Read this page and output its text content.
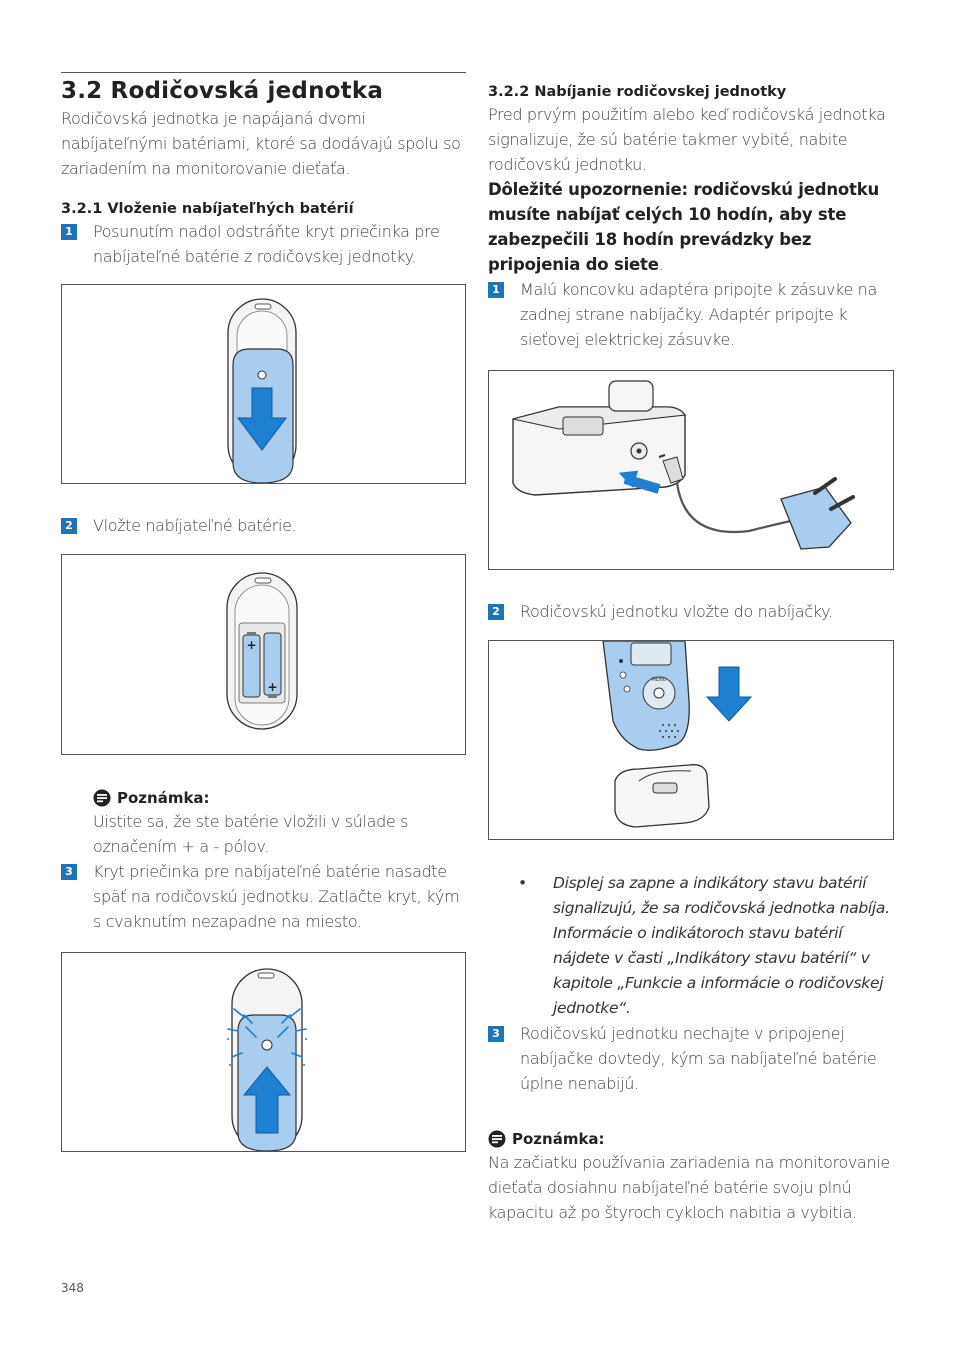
3.2 Rodičovská jednotka

Rodičovská jednotka je napájaná dvomi nabíjateľnými batériami, ktoré sa dodávajú spolu so zariadením na monitorovanie dieťaťa.

3.2.1 Vloženie nabíjateľhých batérií
1 Posunutím nadol odstráňte kryt priečinka pre nabíjateľné batérie z rodičovskej jednotky.
2 Vložte nabíjateľné batérie.
+
+
Poznámka:

Uistite sa, že ste batérie vložili v súlade s označením + a - pólov.

3 Kryt priečinka pre nabíjateľné batérie nasaďte späť na rodičovskú jednotku. Zatlačte kryt, kým s cvaknutím nezapadne na miesto.
3.2.2 Nabíjanie rodičovskej jednotky

Pred prvým použitím alebo keď rodičovská jednotka signalizuje, že sú batérie takmer vybité, nabite rodičovskú jednotku.

Dôležité upozornenie: rodičovskú jednotku musíte nabíjať celých 10 hodín, aby ste zabezpečili 18 hodín prevádzky bez pripojenia do siete.

1 Malú koncovku adaptéra pripojte k zásuvke na zadnej strane nabíjačky. Adaptér pripojte k sieťovej elektrickej zásuvke.
2 Rodičovskú jednotku vložte do nabíjačky.
MENU
• Displej sa zapne a indikátory stavu batérií signalizujú, že sa rodičovská jednotka nabíja. Informácie o indikátoroch stavu batérií nájdete v časti „Indikátory stavu batérií“ v kapitole „Funkcie a informácie o rodičovskej jednotke“.
3 Rodičovskú jednotku nechajte v pripojenej nabíjačke dovtedy, kým sa nabíjateľné batérie úplne nenabijú.
Poznámka:

Na začiatku používania zariadenia na monitorovanie dieťaťa dosiahnu nabíjateľné batérie svoju plnú kapacitu až po štyroch cykloch nabitia a vybitia.

348
